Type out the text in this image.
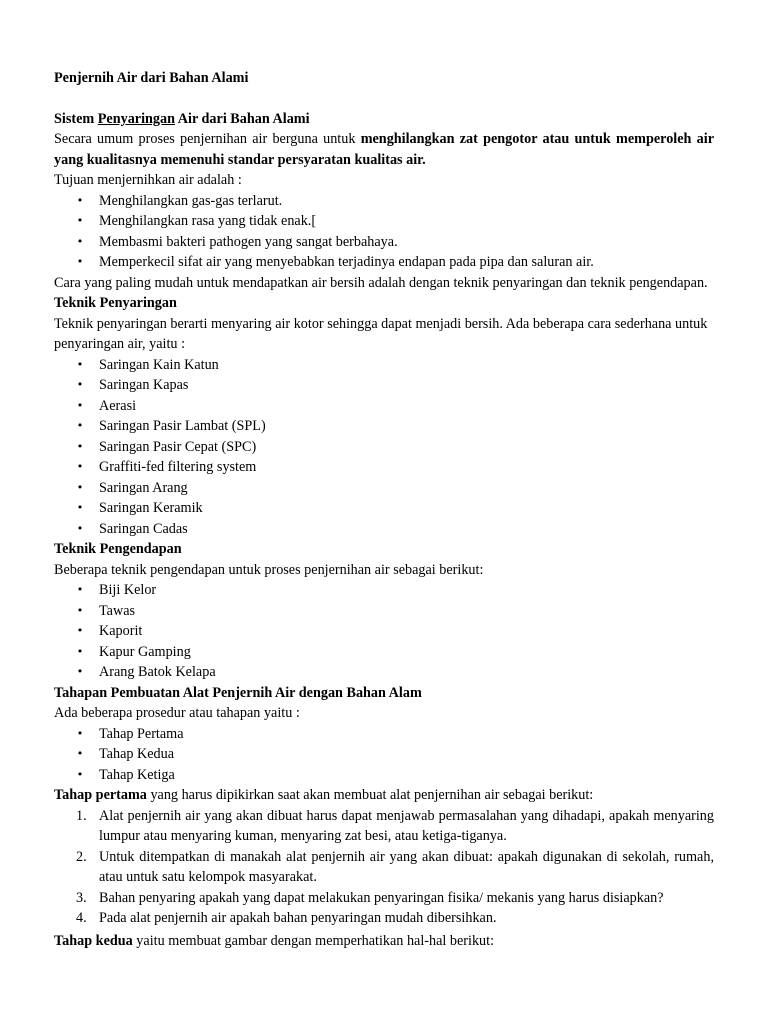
Penjernih Air dari Bahan Alami

Sistem Penyaringan Air dari Bahan Alami

Secara umum proses penjernihan air berguna untuk menghilangkan zat pengotor atau untuk memperoleh air yang kualitasnya memenuhi standar persyaratan kualitas air.

Tujuan menjernihkan air adalah :

• Menghilangkan gas-gas terlarut.
• Menghilangkan rasa yang tidak enak.[
• Membasmi bakteri pathogen yang sangat berbahaya.
• Memperkecil sifat air yang menyebabkan terjadinya endapan pada pipa dan saluran air.

Cara yang paling mudah untuk mendapatkan air bersih adalah dengan teknik penyaringan dan teknik pengendapan.

Teknik Penyaringan

Teknik penyaringan berarti menyaring air kotor sehingga dapat menjadi bersih. Ada beberapa cara sederhana untuk penyaringan air, yaitu :

• Saringan Kain Katun
• Saringan Kapas
• Aerasi
• Saringan Pasir Lambat (SPL)
• Saringan Pasir Cepat (SPC)
• Graffiti-fed filtering system
• Saringan Arang
• Saringan Keramik
• Saringan Cadas

Teknik Pengendapan

Beberapa teknik pengendapan untuk proses penjernihan air sebagai berikut:

• Biji Kelor
• Tawas
• Kaporit
• Kapur Gamping
• Arang Batok Kelapa

Tahapan Pembuatan Alat Penjernih Air dengan Bahan Alam

Ada beberapa prosedur atau tahapan yaitu :

• Tahap Pertama
• Tahap Kedua
• Tahap Ketiga

Tahap pertama yang harus dipikirkan saat akan membuat alat penjernihan air sebagai berikut:

1. Alat penjernih air yang akan dibuat harus dapat menjawab permasalahan yang dihadapi, apakah menyaring lumpur atau menyaring kuman, menyaring zat besi, atau ketiga-tiganya.
2. Untuk ditempatkan di manakah alat penjernih air yang akan dibuat: apakah digunakan di sekolah, rumah, atau untuk satu kelompok masyarakat.
3. Bahan penyaring apakah yang dapat melakukan penyaringan fisika/ mekanis yang harus disiapkan?
4. Pada alat penjernih air apakah bahan penyaringan mudah dibersihkan.

Tahap kedua yaitu membuat gambar dengan memperhatikan hal-hal berikut:
